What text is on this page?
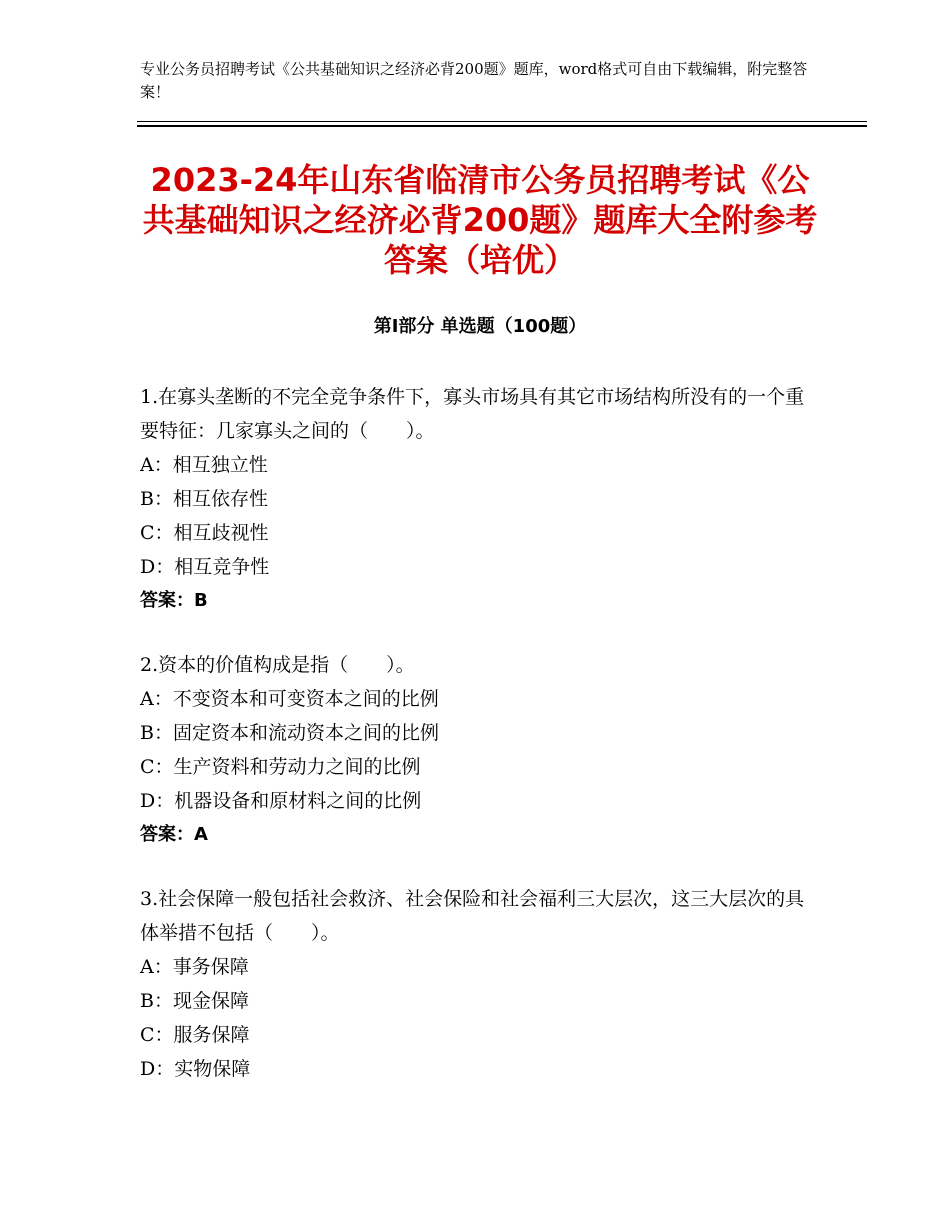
专业公务员招聘考试《公共基础知识之经济必背200题》题库，word格式可自由下载编辑，附完整答案！
2023-24年山东省临清市公务员招聘考试《公共基础知识之经济必背200题》题库大全附参考答案（培优）
第Ⅰ部分 单选题（100题）

1.在寡头垄断的不完全竞争条件下，寡头市场具有其它市场结构所没有的一个重要特征：几家寡头之间的（　　）。

A：相互独立性

B：相互依存性

C：相互歧视性

D：相互竞争性

答案：B

2.资本的价值构成是指（　　）。

A：不变资本和可变资本之间的比例

B：固定资本和流动资本之间的比例

C：生产资料和劳动力之间的比例

D：机器设备和原材料之间的比例

答案：A

3.社会保障一般包括社会救济、社会保险和社会福利三大层次，这三大层次的具体举措不包括（　　）。

A：事务保障

B：现金保障

C：服务保障

D：实物保障
